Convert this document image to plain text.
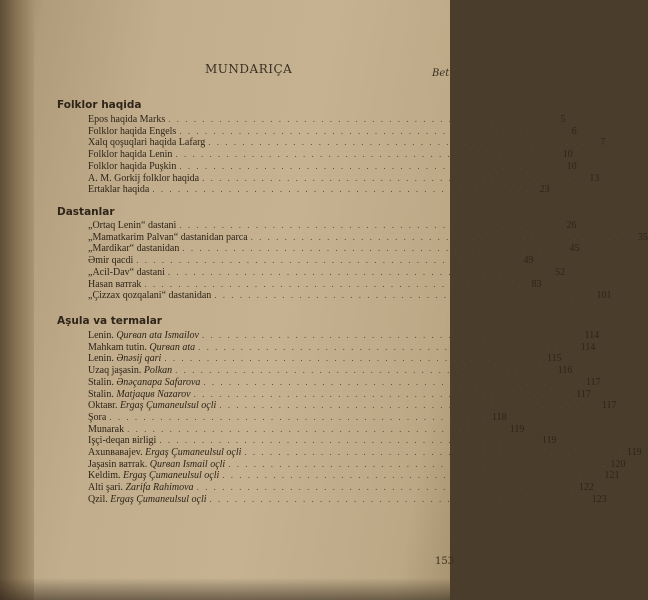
MUNDARIÇA	Bet
Folklor haqida
Dastanlar
Aşula va termalar
Epos haqida Marks . . . . . . . . . . . . . . . . . . . . . . . . . . . . . . . . . . . . . . . . . . . . .	5
Folklor haqida Engels . . . . . . . . . . . . . . . . . . . . . . . . . . . . . . . . . . . . . . . . . . . . .	6
Xalq qoşuqlari haqida Lafarg . . . . . . . . . . . . . . . . . . . . . . . . . . . . . . . . . . . . . . . . . . . . .	7
Folklor haqida Lenin . . . . . . . . . . . . . . . . . . . . . . . . . . . . . . . . . . . . . . . . . . . . . 10
Folklor haqida Puşkin . . . . . . . . . . . . . . . . . . . . . . . . . . . . . . . . . . . . . . . . . . . . . 10
A. M. Gorkij folklor haqida . . . . . . . . . . . . . . . . . . . . . . . . . . . . . . . . . . . . . . . . . . . . . 13
Ertaklar haqida . . . . . . . . . . . . . . . . . . . . . . . . . . . . . . . . . . . . . . . . . . . . . 23
„Ortaq Lenin“ dastani . . . . . . . . . . . . . . . . . . . . . . . . . . . . . . . . . . . . . . . . . . . . . 26
„Mamatkarim Palvan“ dastanidan parca . . . . . . . . . . . . . . . . . . . . . . . . . . . . . . . . . . . . . . . . . . . . . 35
„Mardikar“ dastanidan . . . . . . . . . . . . . . . . . . . . . . . . . . . . . . . . . . . . . . . . . . . . . 45
Əmir qacdi . . . . . . . . . . . . . . . . . . . . . . . . . . . . . . . . . . . . . . . . . . . . . 49
„Acil-Dav“ dastani . . . . . . . . . . . . . . . . . . . . . . . . . . . . . . . . . . . . . . . . . . . . . 52
Hasan ватrak . . . . . . . . . . . . . . . . . . . . . . . . . . . . . . . . . . . . . . . . . . . . . 83
„Çizzax qozqalani“ dastanidan . . . . . . . . . . . . . . . . . . . . . . . . . . . . . . . . . . . . . . . . . . . . . 101
Lenin. Qurвan ata Ismailov . . . . . . . . . . . . . . . . . . . . . . . . . . . . . . . . . . . . . . . . . . . . . 114
Mahkam tutin. Qurвan ata . . . . . . . . . . . . . . . . . . . . . . . . . . . . . . . . . . . . . . . . . . . . . 114
Lenin. Ənəsij qari . . . . . . . . . . . . . . . . . . . . . . . . . . . . . . . . . . . . . . . . . . . . . 115
Uzaq jaşasin. Polkan . . . . . . . . . . . . . . . . . . . . . . . . . . . . . . . . . . . . . . . . . . . . . 116
Stalin. Ənəçanapa Safarova . . . . . . . . . . . . . . . . . . . . . . . . . . . . . . . . . . . . . . . . . . . . . 117
Stalin. Matjaquв Nazarov . . . . . . . . . . . . . . . . . . . . . . . . . . . . . . . . . . . . . . . . . . . . . 117
Oktaвr. Ergaş Çumaneulsul oçli . . . . . . . . . . . . . . . . . . . . . . . . . . . . . . . . . . . . . . . . . . . . . 117
Şora . . . . . . . . . . . . . . . . . . . . . . . . . . . . . . . . . . . . . . . . . . . . . 118
Munarak . . . . . . . . . . . . . . . . . . . . . . . . . . . . . . . . . . . . . . . . . . . . . 119
Işçi-deqan вirligi . . . . . . . . . . . . . . . . . . . . . . . . . . . . . . . . . . . . . . . . . . . . . 119
Axunвaвajev. Ergaş Çumaneulsul oçli . . . . . . . . . . . . . . . . . . . . . . . . . . . . . . . . . . . . . . . . . . . . . 119
Jaşasin ватrak. Qurвan Ismail oçli . . . . . . . . . . . . . . . . . . . . . . . . . . . . . . . . . . . . . . . . . . . . . 120
Keldim. Ergaş Çumaneulsul oçli . . . . . . . . . . . . . . . . . . . . . . . . . . . . . . . . . . . . . . . . . . . . . 121
Alti şari. Zarifa Rahimova . . . . . . . . . . . . . . . . . . . . . . . . . . . . . . . . . . . . . . . . . . . . . 122
Qzil. Ergaş Çumaneulsul oçli . . . . . . . . . . . . . . . . . . . . . . . . . . . . . . . . . . . . . . . . . . . . . 123
153
